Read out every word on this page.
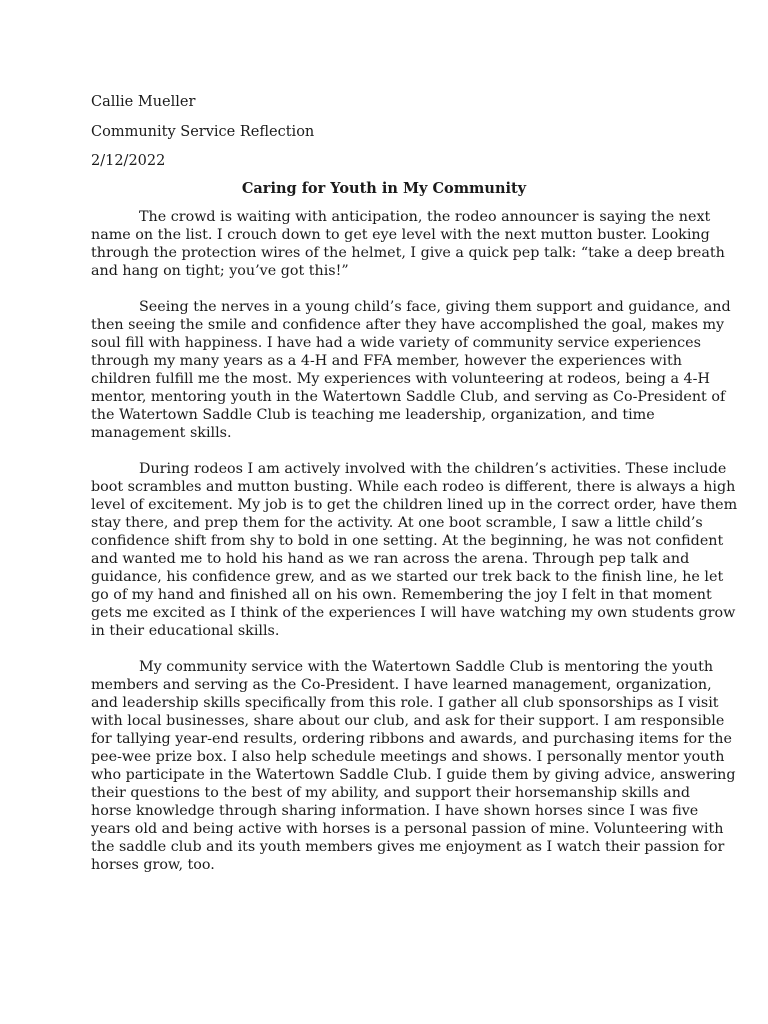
Callie Mueller
Community Service Reflection
2/12/2022
Caring for Youth in My Community
The crowd is waiting with anticipation, the rodeo announcer is saying the next
name on the list. I crouch down to get eye level with the next mutton buster. Looking
through the protection wires of the helmet, I give a quick pep talk: “take a deep breath
and hang on tight; you’ve got this!”
Seeing the nerves in a young child’s face, giving them support and guidance, and
then seeing the smile and confidence after they have accomplished the goal, makes my
soul fill with happiness. I have had a wide variety of community service experiences
through my many years as a 4-H and FFA member, however the experiences with
children fulfill me the most. My experiences with volunteering at rodeos, being a 4-H
mentor, mentoring youth in the Watertown Saddle Club, and serving as Co-President of
the Watertown Saddle Club is teaching me leadership, organization, and time
management skills.
During rodeos I am actively involved with the children’s activities. These include
boot scrambles and mutton busting. While each rodeo is different, there is always a high
level of excitement. My job is to get the children lined up in the correct order, have them
stay there, and prep them for the activity. At one boot scramble, I saw a little child’s
confidence shift from shy to bold in one setting. At the beginning, he was not confident
and wanted me to hold his hand as we ran across the arena. Through pep talk and
guidance, his confidence grew, and as we started our trek back to the finish line, he let
go of my hand and finished all on his own. Remembering the joy I felt in that moment
gets me excited as I think of the experiences I will have watching my own students grow
in their educational skills.
My community service with the Watertown Saddle Club is mentoring the youth
members and serving as the Co-President. I have learned management, organization,
and leadership skills specifically from this role. I gather all club sponsorships as I visit
with local businesses, share about our club, and ask for their support. I am responsible
for tallying year-end results, ordering ribbons and awards, and purchasing items for the
pee-wee prize box. I also help schedule meetings and shows. I personally mentor youth
who participate in the Watertown Saddle Club. I guide them by giving advice, answering
their questions to the best of my ability, and support their horsemanship skills and
horse knowledge through sharing information. I have shown horses since I was five
years old and being active with horses is a personal passion of mine. Volunteering with
the saddle club and its youth members gives me enjoyment as I watch their passion for
horses grow, too.
